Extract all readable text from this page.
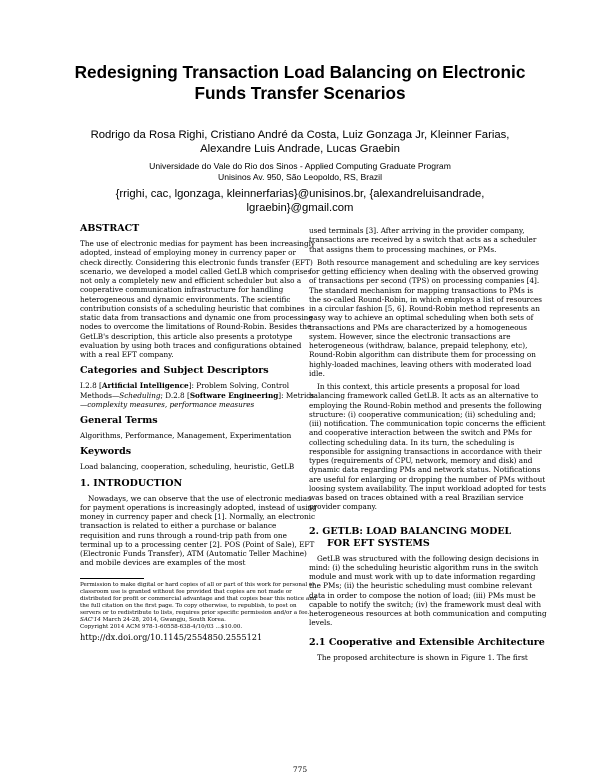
Redesigning Transaction Load Balancing on Electronic
Funds Transfer Scenarios
Rodrigo da Rosa Righi, Cristiano André da Costa, Luiz Gonzaga Jr, Kleinner Farias,
Alexandre Luis Andrade, Lucas Graebin
Universidade do Vale do Rio dos Sinos - Applied Computing Graduate Program
Unisinos Av. 950, São Leopoldo, RS, Brazil
{rrighi, cac, lgonzaga, kleinnerfarias}@unisinos.br, {alexandreluisandrade,
lgraebin}@gmail.com
ABSTRACT

The use of electronic medias for payment has been increasingly adopted, instead of employing money in currency paper or check directly. Considering this electronic funds transfer (EFT) scenario, we developed a model called GetLB which comprises not only a completely new and efficient scheduler but also a cooperative communication infrastructure for handling heterogeneous and dynamic environments. The scientific contribution consists of a scheduling heuristic that combines static data from transactions and dynamic one from processing nodes to overcome the limitations of Round-Robin. Besides the GetLB's description, this article also presents a prototype evaluation by using both traces and configurations obtained with a real EFT company.

Categories and Subject Descriptors

I.2.8 [Artificial Intelligence]: Problem Solving, Control Methods—Scheduling; D.2.8 [Software Engineering]: Metrics—complexity measures, performance measures

General Terms

Algorithms, Performance, Management, Experimentation

Keywords

Load balancing, cooperation, scheduling, heuristic, GetLB

1. INTRODUCTION

Nowadays, we can observe that the use of electronic medias for payment operations is increasingly adopted, instead of using money in currency paper and check [1]. Normally, an electronic transaction is related to either a purchase or balance requisition and runs through a round-trip path from one terminal up to a processing center [2]. POS (Point of Sale), EFT (Electronic Funds Transfer), ATM (Automatic Teller Machine) and mobile devices are examples of the most

Permission to make digital or hard copies of all or part of this work for personal or classroom use is granted without fee provided that copies are not made or distributed for profit or commercial advantage and that copies bear this notice and the full citation on the first page. To copy otherwise, to republish, to post on servers or to redistribute to lists, requires prior specific permission and/or a fee.

SAC'14 March 24-28, 2014, Gwangju, South Korea.

Copyright 2014 ACM 978-1-60558-638-4/10/03 ...$10.00.

http://dx.doi.org/10.1145/2554850.2555121

used terminals [3]. After arriving in the provider company, transactions are received by a switch that acts as a scheduler that assigns them to processing machines, or PMs.

Both resource management and scheduling are key services for getting efficiency when dealing with the observed growing of transactions per second (TPS) on processing companies [4]. The standard mechanism for mapping transactions to PMs is the so-called Round-Robin, in which employs a list of resources in a circular fashion [5, 6]. Round-Robin method represents an easy way to achieve an optimal scheduling when both sets of transactions and PMs are characterized by a homogeneous system. However, since the electronic transactions are heterogeneous (withdraw, balance, prepaid telephony, etc), Round-Robin algorithm can distribute them for processing on highly-loaded machines, leaving others with moderated load idle.

In this context, this article presents a proposal for load balancing framework called GetLB. It acts as an alternative to employing the Round-Robin method and presents the following structure: (i) cooperative communication; (ii) scheduling and; (iii) notification. The communication topic concerns the efficient and cooperative interaction between the switch and PMs for collecting scheduling data. In its turn, the scheduling is responsible for assigning transactions in accordance with their types (requirements of CPU, network, memory and disk) and dynamic data regarding PMs and network status. Notifications are useful for enlarging or dropping the number of PMs without loosing system availability. The input workload adopted for tests was based on traces obtained with a real Brazilian service provider company.

2. GETLB: LOAD BALANCING MODEL
FOR EFT SYSTEMS

GetLB was structured with the following design decisions in mind: (i) the scheduling heuristic algorithm runs in the switch module and must work with up to date information regarding the PMs; (ii) the heuristic scheduling must combine relevant data in order to compose the notion of load; (iii) PMs must be capable to notify the switch; (iv) the framework must deal with heterogeneous resources at both communication and computing levels.

2.1 Cooperative and Extensible Architecture

The proposed architecture is shown in Figure 1. The first

775
